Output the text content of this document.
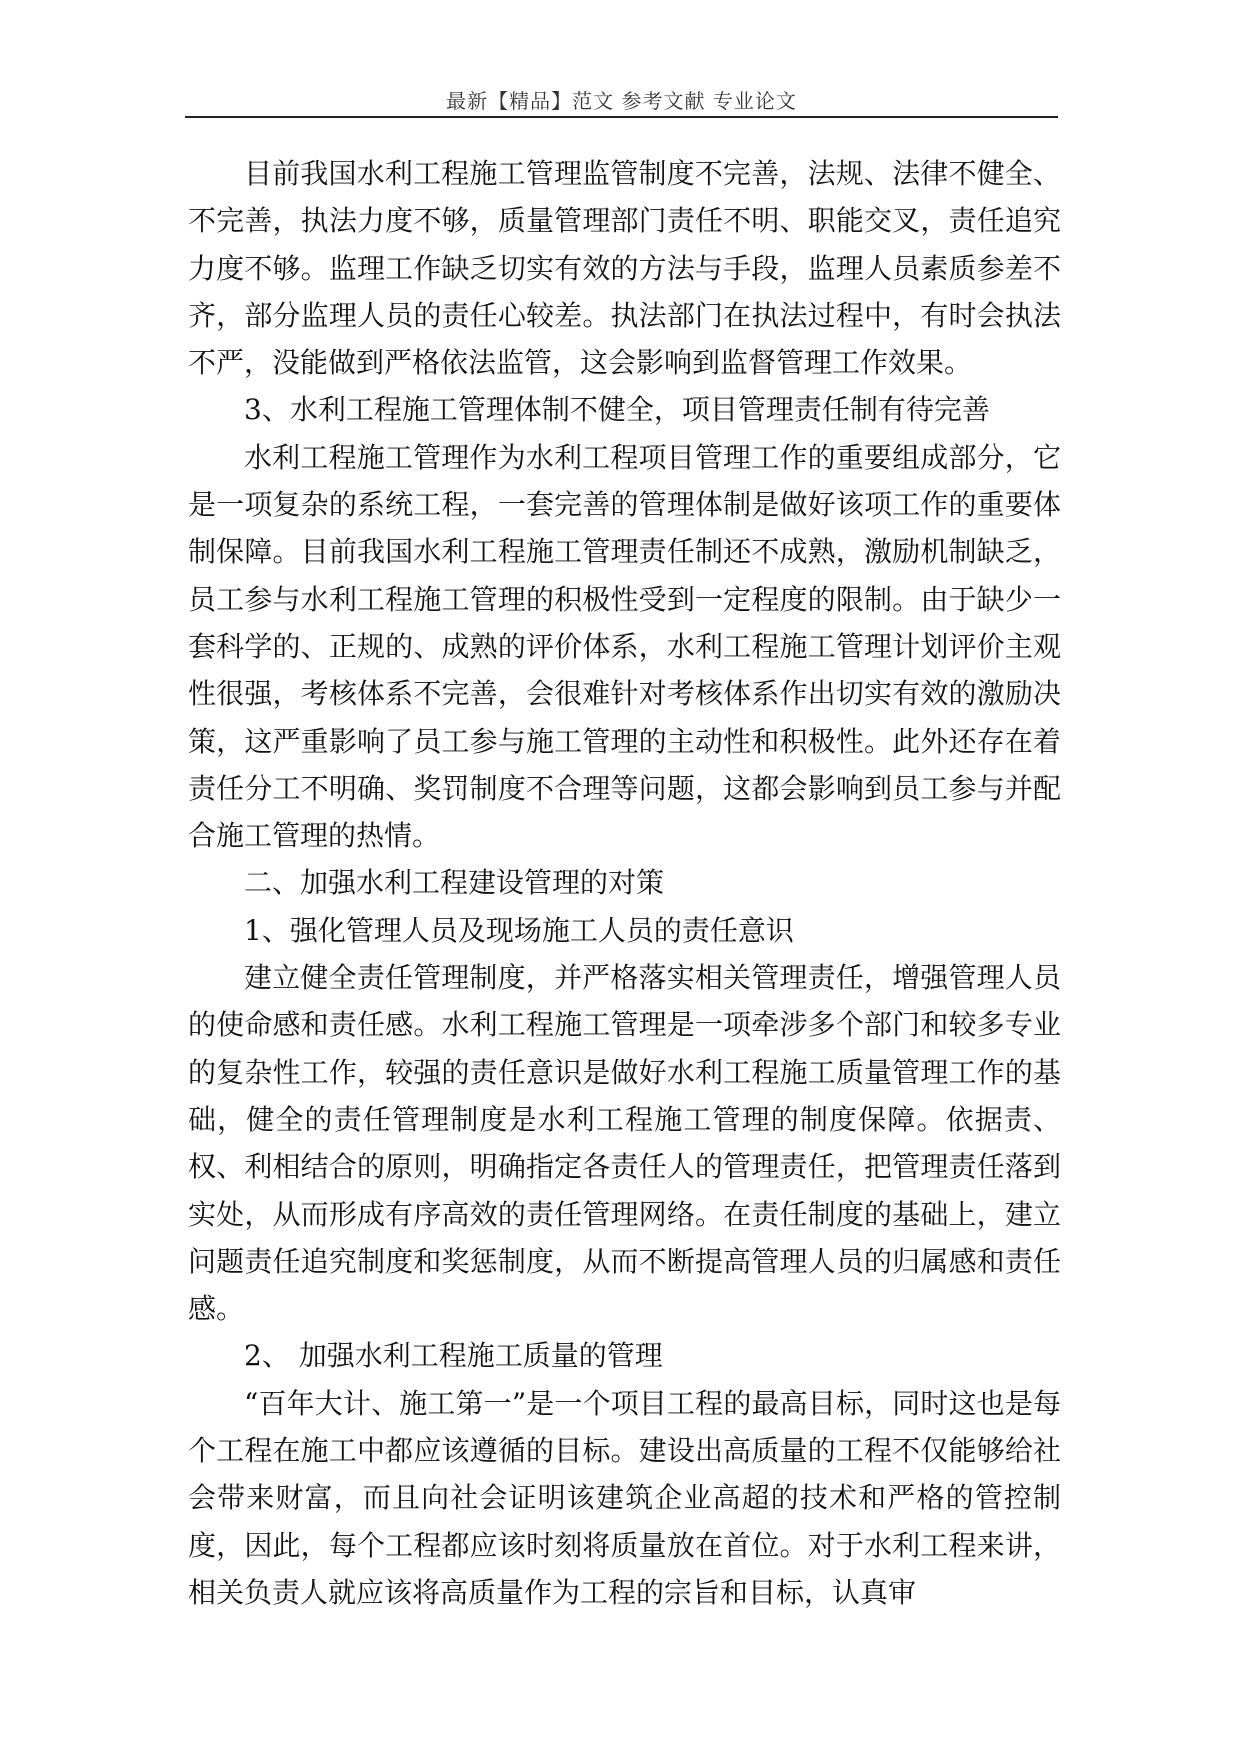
最新【精品】范文 参考文献 专业论文

目前我国水利工程施工管理监管制度不完善，法规、法律不健全、不完善，执法力度不够，质量管理部门责任不明、职能交叉，责任追究力度不够。监理工作缺乏切实有效的方法与手段，监理人员素质参差不齐，部分监理人员的责任心较差。执法部门在执法过程中，有时会执法不严，没能做到严格依法监管，这会影响到监督管理工作效果。

3、水利工程施工管理体制不健全，项目管理责任制有待完善

水利工程施工管理作为水利工程项目管理工作的重要组成部分，它是一项复杂的系统工程，一套完善的管理体制是做好该项工作的重要体制保障。目前我国水利工程施工管理责任制还不成熟，激励机制缺乏，员工参与水利工程施工管理的积极性受到一定程度的限制。由于缺少一套科学的、正规的、成熟的评价体系，水利工程施工管理计划评价主观性很强，考核体系不完善，会很难针对考核体系作出切实有效的激励决策，这严重影响了员工参与施工管理的主动性和积极性。此外还存在着责任分工不明确、奖罚制度不合理等问题，这都会影响到员工参与并配合施工管理的热情。

二、加强水利工程建设管理的对策

1、强化管理人员及现场施工人员的责任意识

建立健全责任管理制度，并严格落实相关管理责任，增强管理人员的使命感和责任感。水利工程施工管理是一项牵涉多个部门和较多专业的复杂性工作，较强的责任意识是做好水利工程施工质量管理工作的基础，健全的责任管理制度是水利工程施工管理的制度保障。依据责、权、利相结合的原则，明确指定各责任人的管理责任，把管理责任落到实处，从而形成有序高效的责任管理网络。在责任制度的基础上，建立问题责任追究制度和奖惩制度，从而不断提高管理人员的归属感和责任感。

2、 加强水利工程施工质量的管理

“百年大计、施工第一”是一个项目工程的最高目标，同时这也是每个工程在施工中都应该遵循的目标。建设出高质量的工程不仅能够给社会带来财富，而且向社会证明该建筑企业高超的技术和严格的管控制度，因此，每个工程都应该时刻将质量放在首位。对于水利工程来讲，相关负责人就应该将高质量作为工程的宗旨和目标，认真审
